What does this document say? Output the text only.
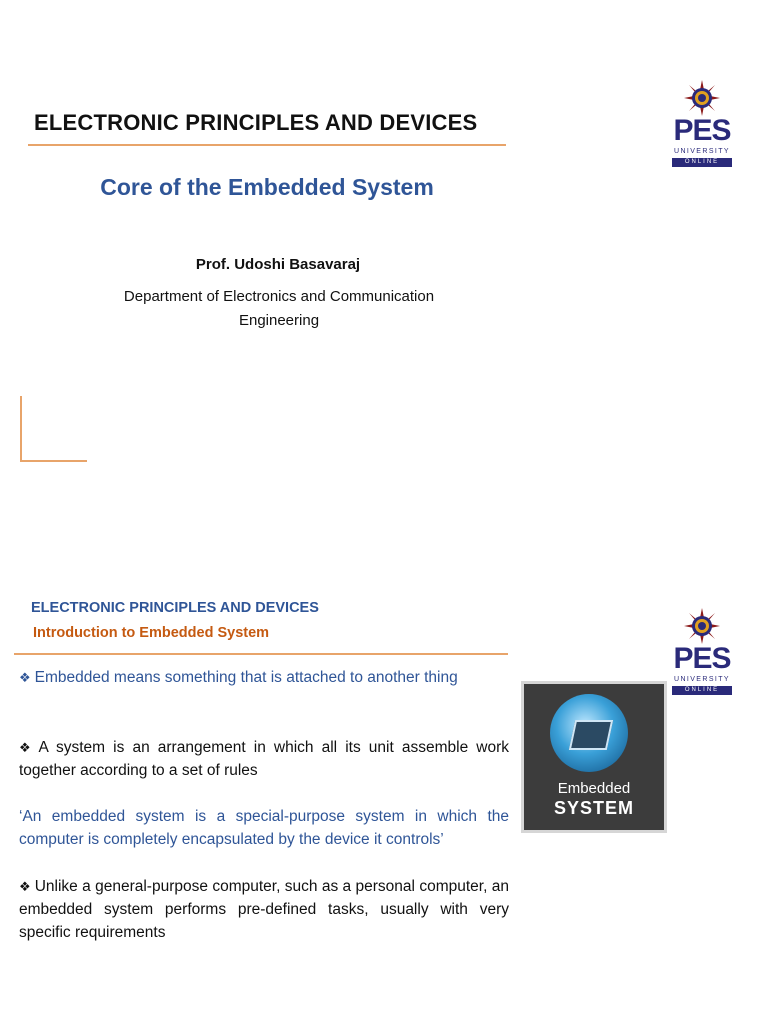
ELECTRONIC PRINCIPLES AND DEVICES
Core of the Embedded System
Prof. Udoshi Basavaraj
Department of Electronics and Communication Engineering
PES
UNIVERSITY
ONLINE
ELECTRONIC PRINCIPLES AND DEVICES
Introduction to Embedded System
PES
UNIVERSITY
ONLINE

❖ Embedded means something that is attached to another thing

❖ A system is an arrangement in which all its unit assemble work together according to a set of rules

‘An embedded system is a special-purpose system in which the computer is completely encapsulated by the device it controls’

❖ Unlike a general-purpose computer, such as a personal computer, an embedded system performs pre-defined tasks, usually with very specific requirements

Embedded
SYSTEM
